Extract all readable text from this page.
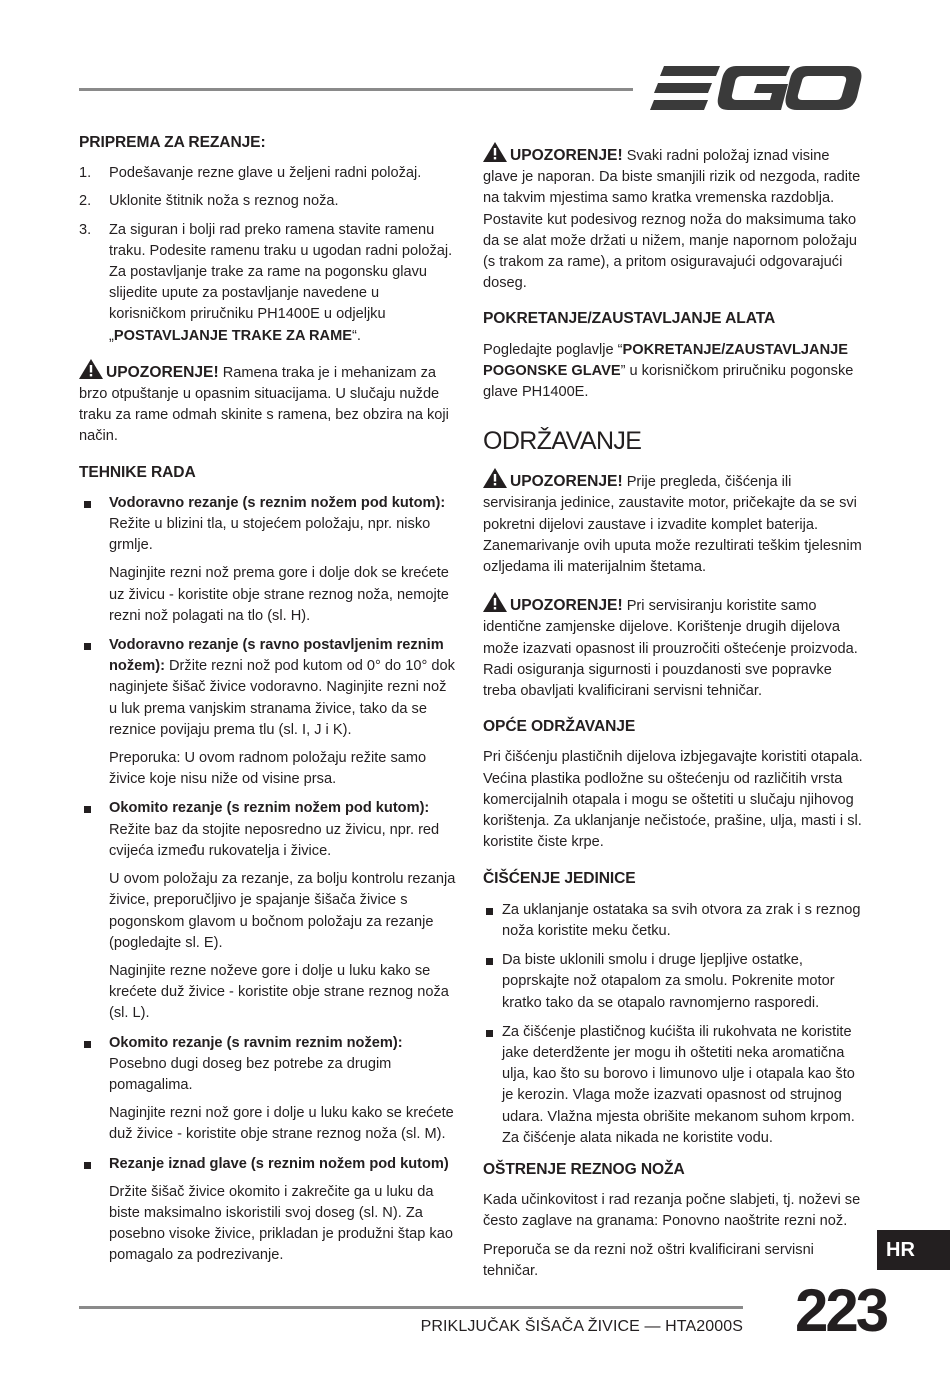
PRIPREMA ZA REZANJE:
1. Podešavanje rezne glave u željeni radni položaj.
2. Uklonite štitnik noža s reznog noža.
3. Za siguran i bolji rad preko ramena stavite ramenu traku. Podesite ramenu traku u ugodan radni položaj. Za postavljanje trake za rame na pogonsku glavu slijedite upute za postavljanje navedene u korisničkom priručniku PH1400E u odjeljku „POSTAVLJANJE TRAKE ZA RAME“.

UPOZORENJE! Ramena traka je i mehanizam za brzo otpuštanje u opasnim situacijama. U slučaju nužde traku za rame odmah skinite s ramena, bez obzira na koji način.

TEHNIKE RADA

Vodoravno rezanje (s reznim nožem pod kutom): Režite u blizini tla, u stojećem položaju, npr. nisko grmlje.

Naginjite rezni nož prema gore i dolje dok se krećete uz živicu - koristite obje strane reznog noža, nemojte rezni nož polagati na tlo (sl. H).

Vodoravno rezanje (s ravno postavljenim reznim nožem): Držite rezni nož pod kutom od 0° do 10° dok naginjete šišač živice vodoravno. Naginjite rezni nož u luk prema vanjskim stranama živice, tako da se reznice povijaju prema tlu (sl. I, J i K).

Preporuka: U ovom radnom položaju režite samo živice koje nisu niže od visine prsa.

Okomito rezanje (s reznim nožem pod kutom): Režite baz da stojite neposredno uz živicu, npr. red cvijeća između rukovatelja i živice.

U ovom položaju za rezanje, za bolju kontrolu rezanja živice, preporučljivo je spajanje šišača živice s pogonskom glavom u bočnom položaju za rezanje (pogledajte sl. E).

Naginjite rezne noževe gore i dolje u luku kako se krećete duž živice - koristite obje strane reznog noža (sl. L).

Okomito rezanje (s ravnim reznim nožem): Posebno dugi doseg bez potrebe za drugim pomagalima.

Naginjite rezni nož gore i dolje u luku kako se krećete duž živice - koristite obje strane reznog noža (sl. M).

Rezanje iznad glave (s reznim nožem pod kutom)

Držite šišač živice okomito i zakrečite ga u luku da biste maksimalno iskoristili svoj doseg (sl. N). Za posebno visoke živice, prikladan je produžni štap kao pomagalo za podrezivanje.

UPOZORENJE! Svaki radni položaj iznad visine glave je naporan. Da biste smanjili rizik od nezgoda, radite na takvim mjestima samo kratka vremenska razdoblja. Postavite kut podesivog reznog noža do maksimuma tako da se alat može držati u nižem, manje napornom položaju (s trakom za rame), a pritom osiguravajući odgovarajući doseg.

POKRETANJE/ZAUSTAVLJANJE ALATA

Pogledajte poglavlje “POKRETANJE/ZAUSTAVLJANJE POGONSKE GLAVE” u korisničkom priručniku pogonske glave PH1400E.

ODRŽAVANJE

UPOZORENJE! Prije pregleda, čišćenja ili servisiranja jedinice, zaustavite motor, pričekajte da se svi pokretni dijelovi zaustave i izvadite komplet baterija. Zanemarivanje ovih uputa može rezultirati teškim tjelesnim ozljedama ili materijalnim štetama.

UPOZORENJE! Pri servisiranju koristite samo identične zamjenske dijelove. Korištenje drugih dijelova može izazvati opasnost ili prouzročiti oštećenje proizvoda. Radi osiguranja sigurnosti i pouzdanosti sve popravke treba obavljati kvalificirani servisni tehničar.

OPĆE ODRŽAVANJE

Pri čišćenju plastičnih dijelova izbjegavajte koristiti otapala. Većina plastika podložne su oštećenju od različitih vrsta komercijalnih otapala i mogu se oštetiti u slučaju njihovog korištenja. Za uklanjanje nečistoće, prašine, ulja, masti i sl. koristite čiste krpe.

ČIŠĆENJE JEDINICE
Za uklanjanje ostataka sa svih otvora za zrak i s reznog noža koristite meku četku.
Da biste uklonili smolu i druge ljepljive ostatke, poprskajte nož otapalom za smolu. Pokrenite motor kratko tako da se otapalo ravnomjerno rasporedi.
Za čišćenje plastičnog kućišta ili rukohvata ne koristite jake deterdžente jer mogu ih oštetiti neka aromatična ulja, kao što su borovo i limunovo ulje i otapala kao što je kerozin. Vlaga može izazvati opasnost od strujnog udara. Vlažna mjesta obrišite mekanom suhom krpom. Za čišćenje alata nikada ne koristite vodu.
OŠTRENJE REZNOG NOŽA

Kada učinkovitost i rad rezanja počne slabjeti, tj. noževi se često zaglave na granama: Ponovno naoštrite rezni nož.

Preporuča se da rezni nož oštri kvalificirani servisni tehničar.

HR
PRIKLJUČAK ŠIŠAČA ŽIVICE — HTA2000S 223
